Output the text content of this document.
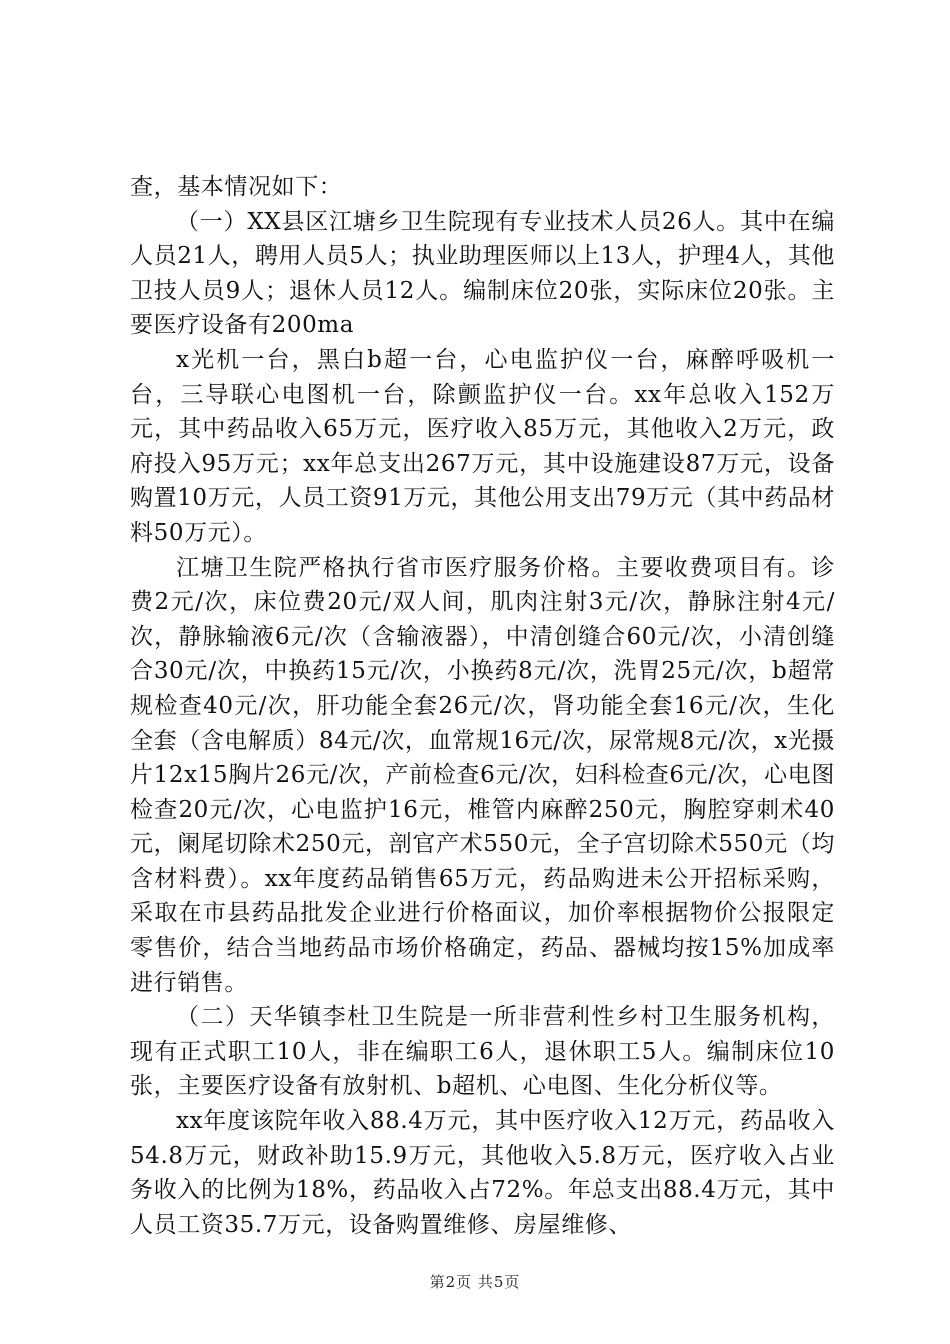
查，基本情况如下：

（一）XX县区江塘乡卫生院现有专业技术人员26人。其中在编人员21人，聘用人员5人；执业助理医师以上13人，护理4人，其他卫技人员9人；退休人员12人。编制床位20张，实际床位20张。主要医疗设备有200ma

x光机一台，黑白b超一台，心电监护仪一台，麻醉呼吸机一台，三导联心电图机一台，除颤监护仪一台。xx年总收入152万元，其中药品收入65万元，医疗收入85万元，其他收入2万元，政府投入95万元；xx年总支出267万元，其中设施建设87万元，设备购置10万元，人员工资91万元，其他公用支出79万元（其中药品材料50万元）。

江塘卫生院严格执行省市医疗服务价格。主要收费项目有。诊费2元/次，床位费20元/双人间，肌肉注射3元/次，静脉注射4元/次，静脉输液6元/次（含输液器），中清创缝合60元/次，小清创缝合30元/次，中换药15元/次，小换药8元/次，洗胃25元/次，b超常规检查40元/次，肝功能全套26元/次，肾功能全套16元/次，生化全套（含电解质）84元/次，血常规16元/次，尿常规8元/次，x光摄片12x15胸片26元/次，产前检查6元/次，妇科检查6元/次，心电图检查20元/次，心电监护16元，椎管内麻醉250元，胸腔穿刺术40元，阑尾切除术250元，剖官产术550元，全子宫切除术550元（均含材料费）。xx年度药品销售65万元，药品购进未公开招标采购，采取在市县药品批发企业进行价格面议，加价率根据物价公报限定零售价，结合当地药品市场价格确定，药品、器械均按15%加成率进行销售。

（二）天华镇李杜卫生院是一所非营利性乡村卫生服务机构，现有正式职工10人，非在编职工6人，退休职工5人。编制床位10张，主要医疗设备有放射机、b超机、心电图、生化分析仪等。

xx年度该院年收入88.4万元，其中医疗收入12万元，药品收入54.8万元，财政补助15.9万元，其他收入5.8万元，医疗收入占业务收入的比例为18%，药品收入占72%。年总支出88.4万元，其中人员工资35.7万元，设备购置维修、房屋维修、

第2页 共5页
